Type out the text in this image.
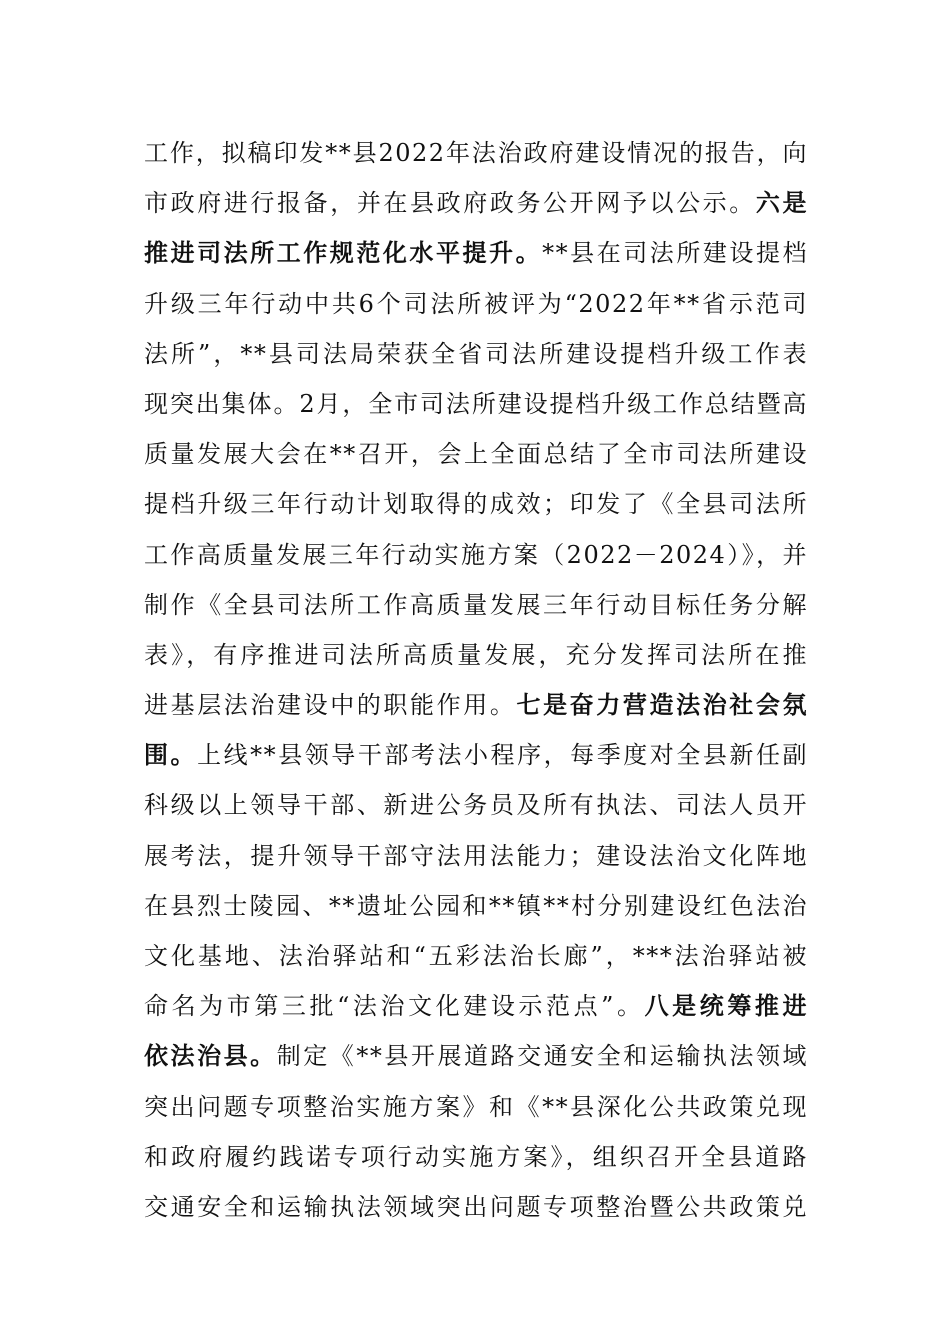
工作，拟稿印发**县2022年法治政府建设情况的报告，向
市政府进行报备，并在县政府政务公开网予以公示。六是
推进司法所工作规范化水平提升。**县在司法所建设提档
升级三年行动中共6个司法所被评为“2022年**省示范司
法所”，**县司法局荣获全省司法所建设提档升级工作表
现突出集体。2月，全市司法所建设提档升级工作总结暨高
质量发展大会在**召开，会上全面总结了全市司法所建设
提档升级三年行动计划取得的成效；印发了《全县司法所
工作高质量发展三年行动实施方案（2022－2024）》，并
制作《全县司法所工作高质量发展三年行动目标任务分解
表》，有序推进司法所高质量发展，充分发挥司法所在推
进基层法治建设中的职能作用。七是奋力营造法治社会氛
围。上线**县领导干部考法小程序，每季度对全县新任副
科级以上领导干部、新进公务员及所有执法、司法人员开
展考法，提升领导干部守法用法能力；建设法治文化阵地
在县烈士陵园、**遗址公园和**镇**村分别建设红色法治
文化基地、法治驿站和“五彩法治长廊”，***法治驿站被
命名为市第三批“法治文化建设示范点”。八是统筹推进
依法治县。制定《**县开展道路交通安全和运输执法领域
突出问题专项整治实施方案》和《**县深化公共政策兑现
和政府履约践诺专项行动实施方案》，组织召开全县道路
交通安全和运输执法领域突出问题专项整治暨公共政策兑
